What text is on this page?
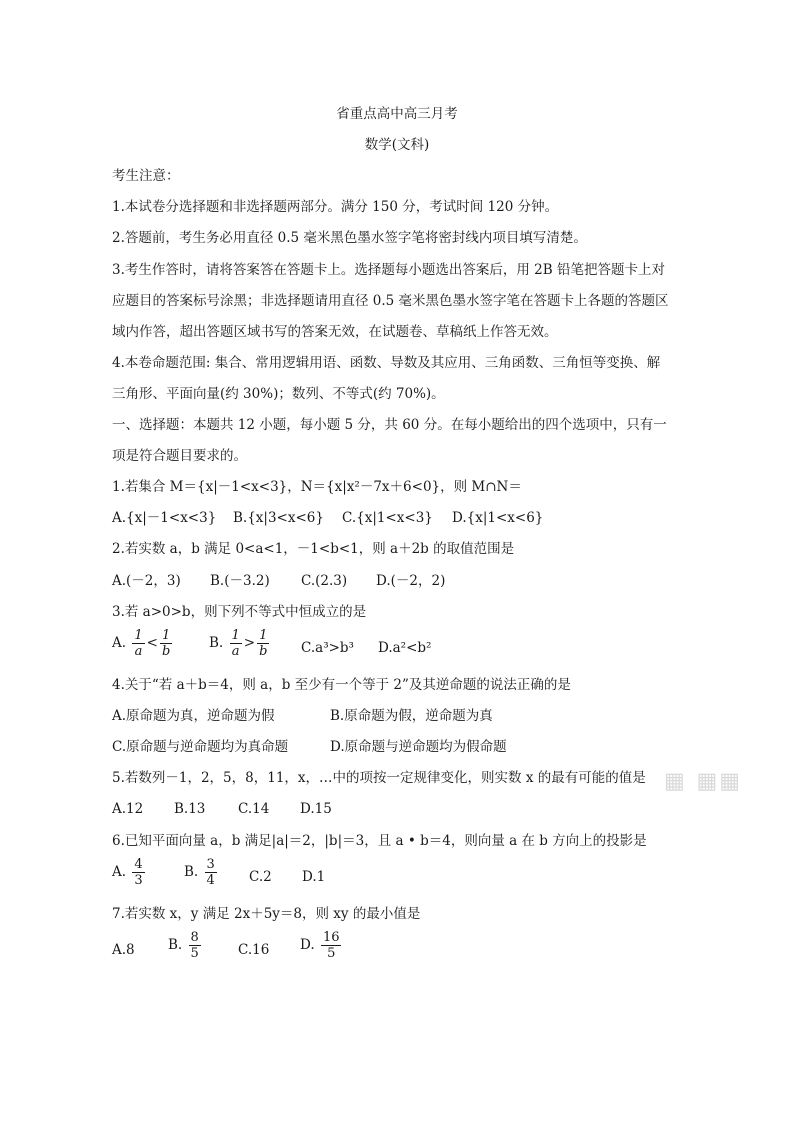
省重点高中高三月考
数学(文科)
考生注意：
1.本试卷分选择题和非选择题两部分。满分 150 分，考试时间 120 分钟。
2.答题前，考生务必用直径 0.5 毫米黑色墨水签字笔将密封线内项目填写清楚。
3.考生作答时，请将答案答在答题卡上。选择题每小题选出答案后，用 2B 铅笔把答题卡上对
应题目的答案标号涂黑；非选择题请用直径 0.5 毫米黑色墨水签字笔在答题卡上各题的答题区
域内作答，超出答题区域书写的答案无效，在试题卷、草稿纸上作答无效。
4.本卷命题范围: 集合、常用逻辑用语、函数、导数及其应用、三角函数、三角恒等变换、解
三角形、平面向量(约 30%)；数列、不等式(约 70%)。
一、选择题：本题共 12 小题，每小题 5 分，共 60 分。在每小题给出的四个选项中，只有一
项是符合题目要求的。
1.若集合 M＝{x|－1<x<3}，N＝{x|x²－7x＋6<0}，则 M∩N＝
A.{x|－1<x<3} B.{x|3<x<6} C.{x|1<x<3} D.{x|1<x<6}
2.若实数 a，b 满足 0<a<1，－1<b<1，则 a＋2b 的取值范围是
A.(－2，3) B.(－3.2) C.(2.3) D.(－2，2)
3.若 a>0>b，则下列不等式中恒成立的是
A. $\frac{1}{a} < \frac{1}{b}$	B. $\frac{1}{a} > \frac{1}{b} C.a^3>b^3$ D.a²<b²
4.关于“若 a＋b＝4，则 a，b 至少有一个等于 2”及其逆命题的说法正确的是
A.原命题为真，逆命题为假	B.原命题为假，逆命题为真
C.原命题与逆命题均为真命题	D.原命题与逆命题均为假命题
5.若数列－1，2，5，8，11，x，…中的项按一定规律变化，则实数 x 的最有可能的值是
A.12 B.13 C.14 D.15
6.已知平面向量 a，b 满足|a|＝2，|b|＝3，且 a • b＝4，则向量 a 在 b 方向上的投影是
A. $\frac{4}{3}$	B. $\frac{3}{4} C.2$ D.1
7.若实数 x，y 满足 2x＋5y＝8，则 xy 的最小值是
A.8 B. $\frac{8}{5}$	C.16 D. $\frac{16}{5}$
▦ ▦▦
